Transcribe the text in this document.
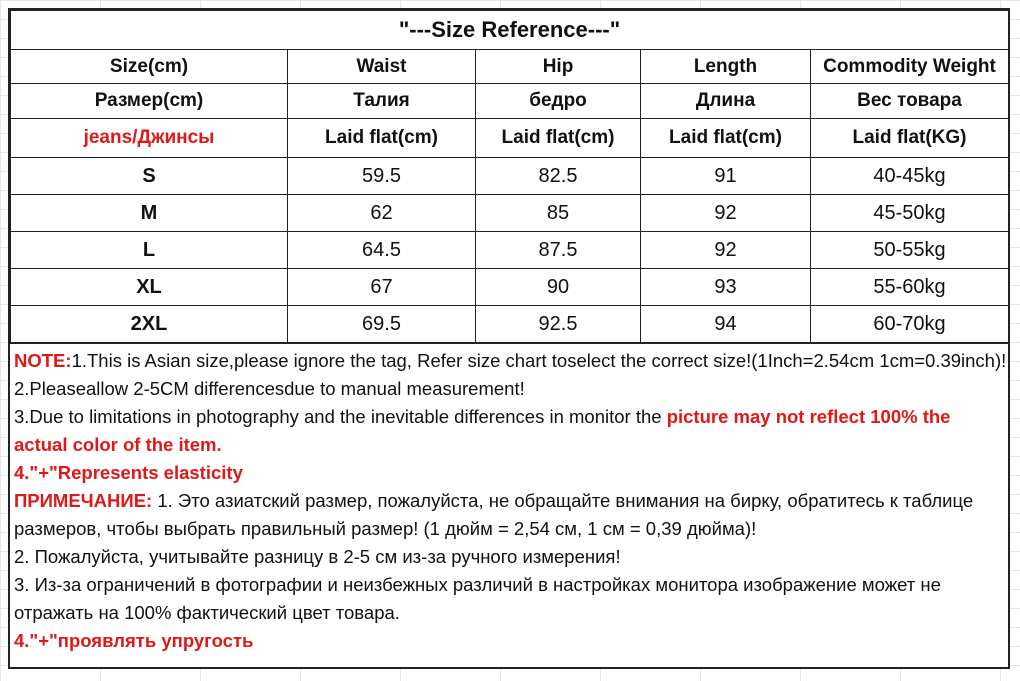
"---Size Reference---"				
Size(cm)	Waist	Hip	Length	Commodity Weight
Размер(cm)	Талия	бедро	Длина	Вес товара
jeans/Джинсы	Laid flat(cm)	Laid flat(cm)	Laid flat(cm)	Laid flat(KG)
S	59.5	82.5	91	40-45kg
M	62	85	92	45-50kg
L	64.5	87.5	92	50-55kg
XL	67	90	93	55-60kg
2XL	69.5	92.5	94	60-70kg

NOTE:1.This is Asian size,please ignore the tag, Refer size chart toselect the correct size!(1Inch=2.54cm 1cm=0.39inch)!

2.Pleaseallow 2-5CM differencesdue to manual measurement!

3.Due to limitations in photography and the inevitable differences in monitor the picture may not reflect 100% the actual color of the item.

4."+"Represents elasticity

ПРИМЕЧАНИЕ: 1. Это азиатский размер, пожалуйста, не обращайте внимания на бирку, обратитесь к таблице размеров, чтобы выбрать правильный размер! (1 дюйм = 2,54 см, 1 см = 0,39 дюйма)!

2. Пожалуйста, учитывайте разницу в 2-5 см из-за ручного измерения!

3. Из-за ограничений в фотографии и неизбежных различий в настройках монитора изображение может не отражать на 100% фактический цвет товара.

4."+"проявлять упругость
